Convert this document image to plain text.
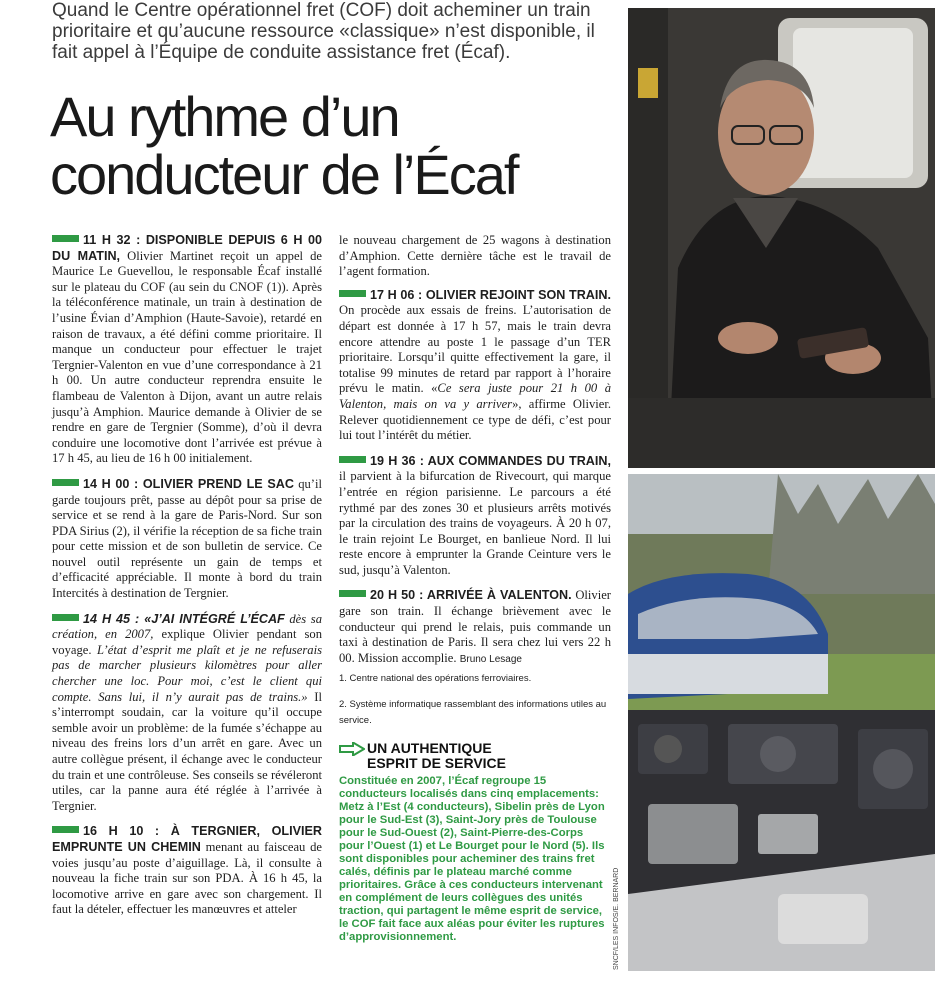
Quand le Centre opérationnel fret (COF) doit acheminer un train prioritaire et qu’aucune ressource «classique» n’est disponible, il fait appel à l’Équipe de conduite assistance fret (Écaf).

Au rythme d’un conducteur de l’Écaf

11 H 32 : DISPONIBLE DEPUIS 6 H 00 DU MATIN, Olivier Martinet reçoit un appel de Maurice Le Guevellou, le responsable Écaf installé sur le plateau du COF (au sein du CNOF (1)). Après la téléconférence matinale, un train à destination de l’usine Évian d’Amphion (Haute-Savoie), retardé en raison de travaux, a été défini comme prioritaire. Il manque un conducteur pour effectuer le trajet Tergnier-Valenton en vue d’une correspondance à 21 h 00. Un autre conducteur reprendra ensuite le flambeau de Valenton à Dijon, avant un autre relais jusqu’à Amphion. Maurice demande à Olivier de se rendre en gare de Tergnier (Somme), d’où il devra conduire une locomotive dont l’arrivée est prévue à 17 h 45, au lieu de 16 h 00 initialement.

14 H 00 : OLIVIER PREND LE SAC qu’il garde toujours prêt, passe au dépôt pour sa prise de service et se rend à la gare de Paris-Nord. Sur son PDA Sirius (2), il vérifie la réception de sa fiche train pour cette mission et de son bulletin de service. Ce nouvel outil représente un gain de temps et d’efficacité appréciable. Il monte à bord du train Intercités à destination de Tergnier.

14 H 45 : «J’AI INTÉGRÉ L’ÉCAF dès sa création, en 2007, explique Olivier pendant son voyage. L’état d’esprit me plaît et je ne refuserais pas de marcher plusieurs kilomètres pour aller chercher une loc. Pour moi, c’est le client qui compte. Sans lui, il n’y aurait pas de trains.» Il s’interrompt soudain, car la voiture qu’il occupe semble avoir un problème: de la fumée s’échappe au niveau des freins lors d’un arrêt en gare. Avec un autre collègue présent, il échange avec le conducteur du train et une contrôleuse. Ses conseils se révéleront utiles, car la panne aura été réglée à l’arrivée à Tergnier.

16 H 10 : À TERGNIER, OLIVIER EMPRUNTE UN CHEMIN menant au faisceau de voies jusqu’au poste d’aiguillage. Là, il consulte à nouveau la fiche train sur son PDA. À 16 h 45, la locomotive arrive en gare avec son chargement. Il faut la dételer, effectuer les manœuvres et atteler

le nouveau chargement de 25 wagons à destination d’Amphion. Cette dernière tâche est le travail de l’agent formation.

17 H 06 : OLIVIER REJOINT SON TRAIN. On procède aux essais de freins. L’autorisation de départ est donnée à 17 h 57, mais le train devra encore attendre au poste 1 le passage d’un TER prioritaire. Lorsqu’il quitte effectivement la gare, il totalise 99 minutes de retard par rapport à l’horaire prévu le matin. «Ce sera juste pour 21 h 00 à Valenton, mais on va y arriver», affirme Olivier. Relever quotidiennement ce type de défi, c’est pour lui tout l’intérêt du métier.

19 H 36 : AUX COMMANDES DU TRAIN, il parvient à la bifurcation de Rivecourt, qui marque l’entrée en région parisienne. Le parcours a été rythmé par des zones 30 et plusieurs arrêts motivés par la circulation des trains de voyageurs. À 20 h 07, le train rejoint Le Bourget, en banlieue Nord. Il lui reste encore à emprunter la Grande Ceinture vers le sud, jusqu’à Valenton.

20 H 50 : ARRIVÉE À VALENTON. Olivier gare son train. Il échange brièvement avec le conducteur qui prend le relais, puis commande un taxi à destination de Paris. Il sera chez lui vers 22 h 00. Mission accomplie. Bruno Lesage

1. Centre national des opérations ferroviaires.

2. Système informatique rassemblant des informations utiles au service.

UN AUTHENTIQUE
ESPRIT DE SERVICE

Constituée en 2007, l’Écaf regroupe 15 conducteurs localisés dans cinq emplacements: Metz à l’Est (4 conducteurs), Sibelin près de Lyon pour le Sud-Est (3), Saint-Jory près de Toulouse pour le Sud-Ouest (2), Saint-Pierre-des-Corps pour l’Ouest (1) et Le Bourget pour le Nord (5). Ils sont disponibles pour acheminer des trains fret calés, définis par le plateau marché comme prioritaires. Grâce à ces conducteurs intervenant en complément de leurs collègues des unités traction, qui partagent le même esprit de service, le COF fait face aux aléas pour éviter les ruptures d’approvisionnement.	SNCF/LES INFOS/E. BERNARD
